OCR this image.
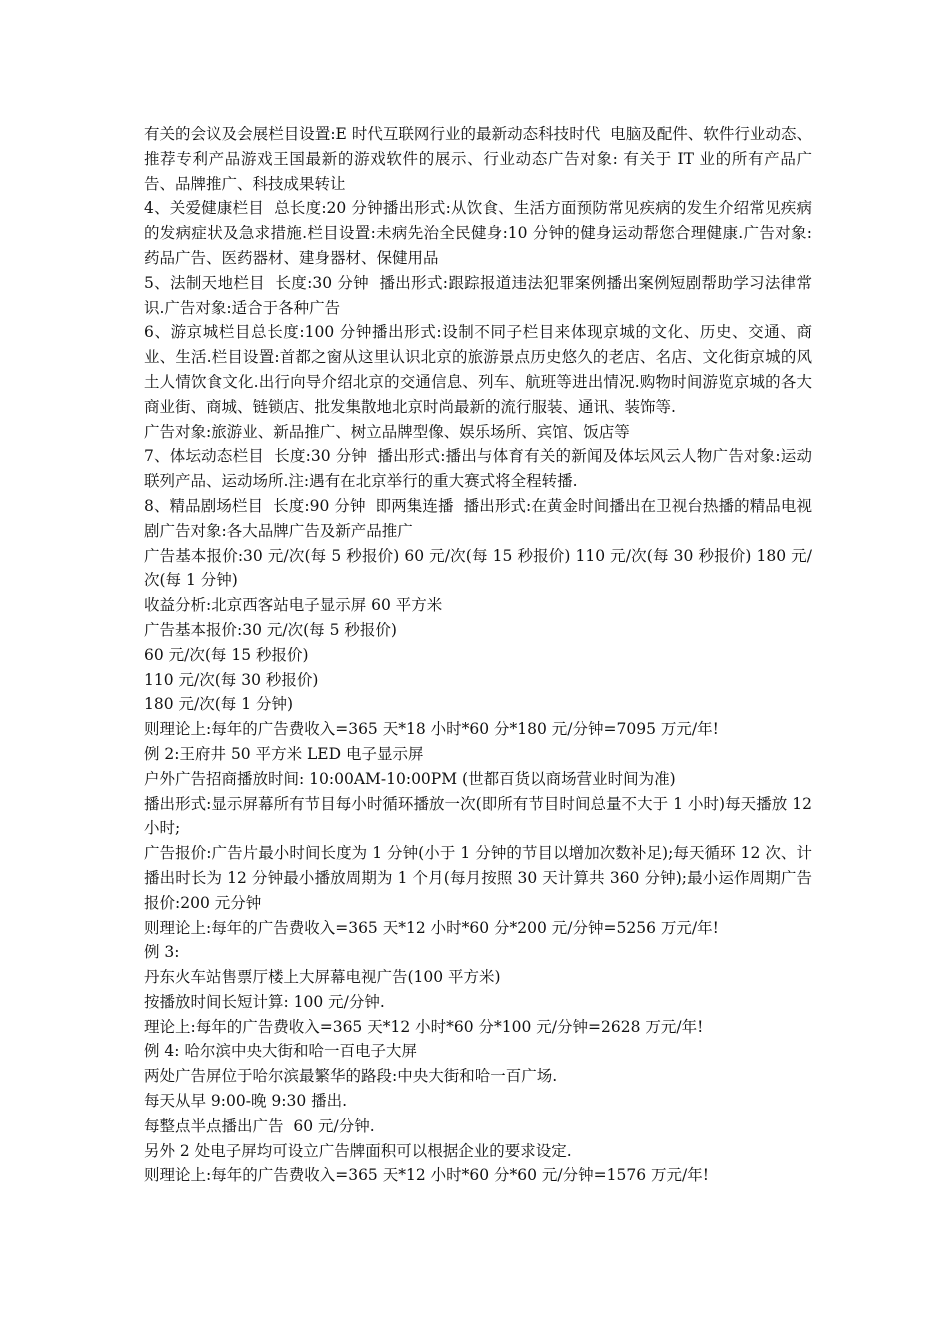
有关的会议及会展栏目设置:E 时代互联网行业的最新动态科技时代  电脑及配件、软件行业动态、推荐专利产品游戏王国最新的游戏软件的展示、行业动态广告对象: 有关于 IT 业的所有产品广告、品牌推广、科技成果转让

4、关爱健康栏目  总长度:20 分钟播出形式:从饮食、生活方面预防常见疾病的发生介绍常见疾病的发病症状及急求措施.栏目设置:未病先治全民健身:10 分钟的健身运动帮您合理健康.广告对象:药品广告、医药器材、建身器材、保健用品

5、法制天地栏目  长度:30 分钟  播出形式:跟踪报道违法犯罪案例播出案例短剧帮助学习法律常识.广告对象:适合于各种广告

6、游京城栏目总长度:100 分钟播出形式:设制不同子栏目来体现京城的文化、历史、交通、商业、生活.栏目设置:首都之窗从这里认识北京的旅游景点历史悠久的老店、名店、文化街京城的风土人情饮食文化.出行向导介绍北京的交通信息、列车、航班等进出情况.购物时间游览京城的各大商业街、商城、链锁店、批发集散地北京时尚最新的流行服装、通讯、装饰等.

广告对象:旅游业、新品推广、树立品牌型像、娱乐场所、宾馆、饭店等

7、体坛动态栏目  长度:30 分钟  播出形式:播出与体育有关的新闻及体坛风云人物广告对象:运动联列产品、运动场所.注:遇有在北京举行的重大赛式将全程转播.

8、精品剧场栏目  长度:90 分钟  即两集连播  播出形式:在黄金时间播出在卫视台热播的精品电视剧广告对象:各大品牌广告及新产品推广

广告基本报价:30 元/次(每 5 秒报价) 60 元/次(每 15 秒报价) 110 元/次(每 30 秒报价) 180 元/次(每 1 分钟)

收益分析:北京西客站电子显示屏 60 平方米

广告基本报价:30 元/次(每 5 秒报价)

60 元/次(每 15 秒报价)

110 元/次(每 30 秒报价)

180 元/次(每 1 分钟)

则理论上:每年的广告费收入=365 天*18 小时*60 分*180 元/分钟=7095 万元/年!

例 2:王府井 50 平方米 LED 电子显示屏

户外广告招商播放时间: 10:00AM-10:00PM (世都百货以商场营业时间为准)

播出形式:显示屏幕所有节目每小时循环播放一次(即所有节目时间总量不大于 1 小时)每天播放 12 小时;

广告报价:广告片最小时间长度为 1 分钟(小于 1 分钟的节目以增加次数补足);每天循环 12 次、计播出时长为 12 分钟最小播放周期为 1 个月(每月按照 30 天计算共 360 分钟);最小运作周期广告报价:200 元分钟

则理论上:每年的广告费收入=365 天*12 小时*60 分*200 元/分钟=5256 万元/年!

例 3:

丹东火车站售票厅楼上大屏幕电视广告(100 平方米)

按播放时间长短计算: 100 元/分钟.

理论上:每年的广告费收入=365 天*12 小时*60 分*100 元/分钟=2628 万元/年!

例 4: 哈尔滨中央大街和哈一百电子大屏

两处广告屏位于哈尔滨最繁华的路段:中央大街和哈一百广场.

每天从早 9:00-晚 9:30 播出.

每整点半点播出广告  60 元/分钟.

另外 2 处电子屏均可设立广告牌面积可以根据企业的要求设定.

则理论上:每年的广告费收入=365 天*12 小时*60 分*60 元/分钟=1576 万元/年!
